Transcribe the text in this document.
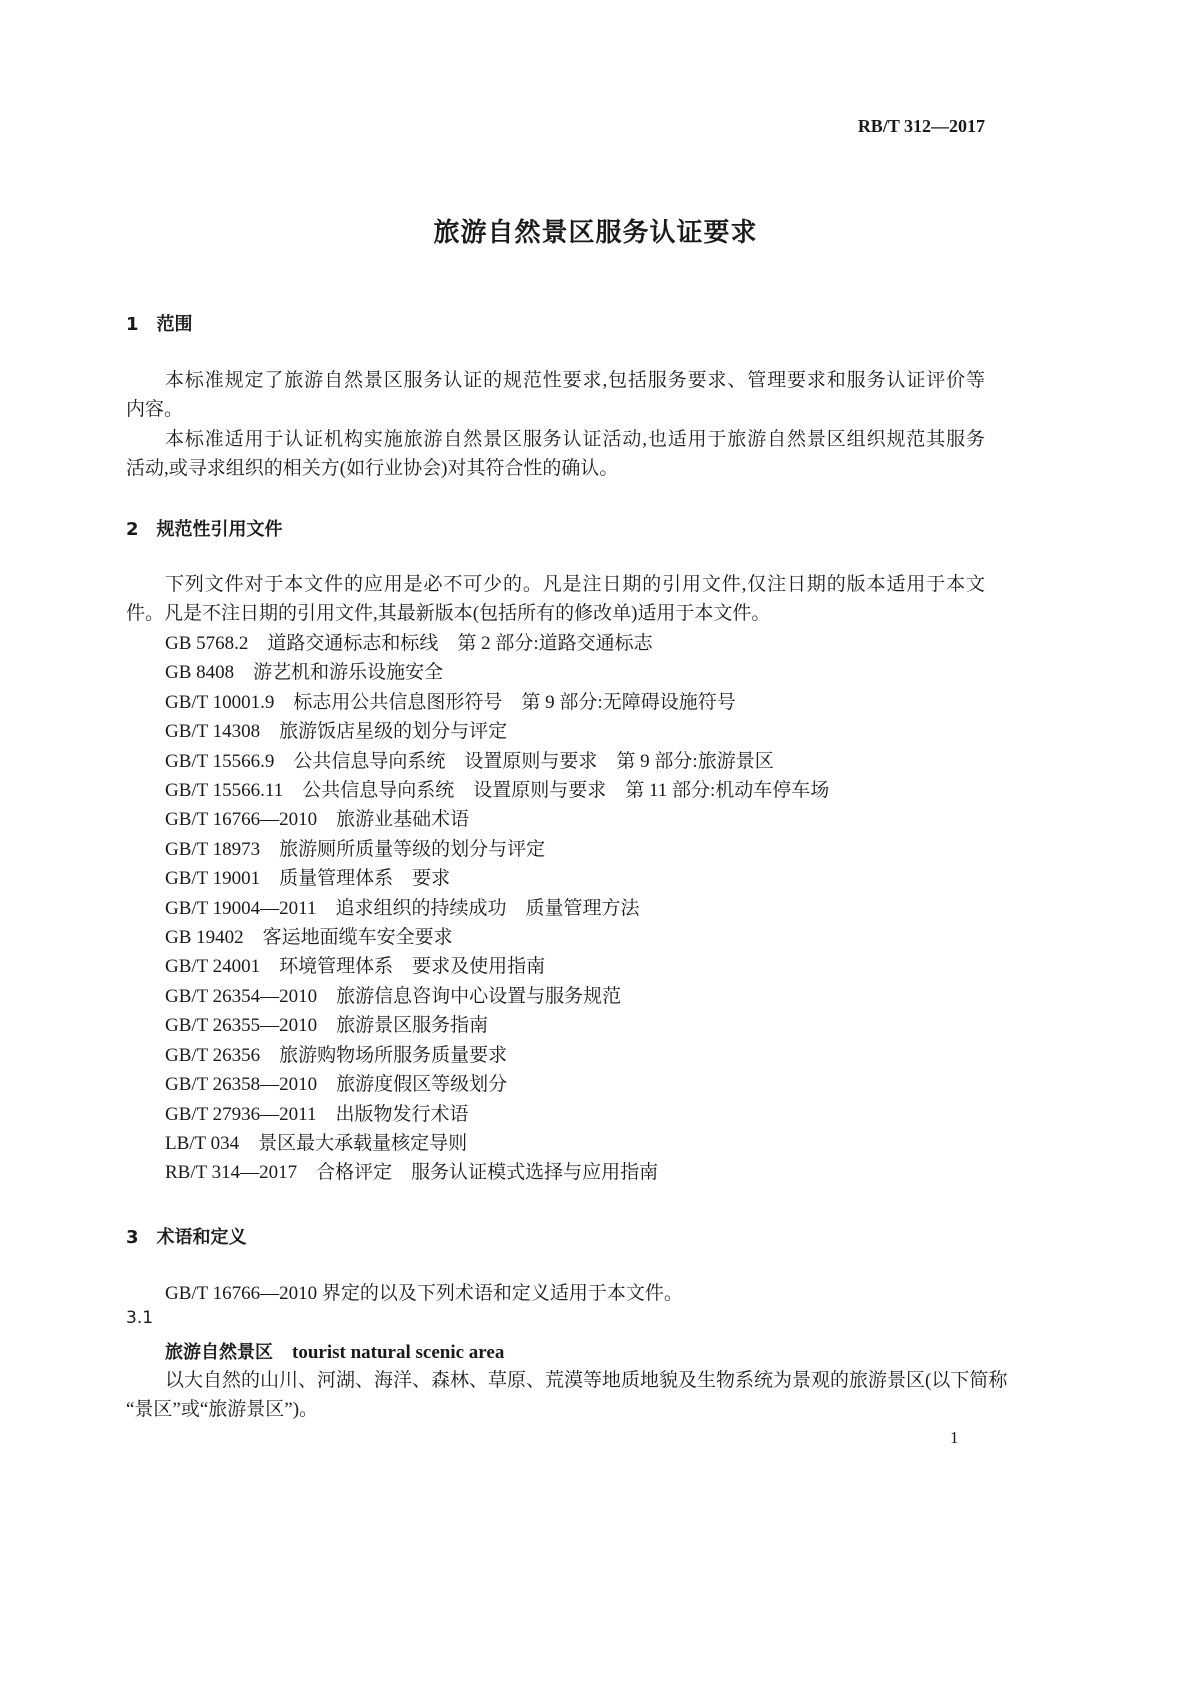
RB/T 312—2017
旅游自然景区服务认证要求
1　范围
本标准规定了旅游自然景区服务认证的规范性要求,包括服务要求、管理要求和服务认证评价等
内容。
本标准适用于认证机构实施旅游自然景区服务认证活动,也适用于旅游自然景区组织规范其服务
活动,或寻求组织的相关方(如行业协会)对其符合性的确认。
2　规范性引用文件
下列文件对于本文件的应用是必不可少的。凡是注日期的引用文件,仅注日期的版本适用于本文
件。凡是不注日期的引用文件,其最新版本(包括所有的修改单)适用于本文件。
GB 5768.2　道路交通标志和标线　第 2 部分:道路交通标志
GB 8408　游艺机和游乐设施安全
GB/T 10001.9　标志用公共信息图形符号　第 9 部分:无障碍设施符号
GB/T 14308　旅游饭店星级的划分与评定
GB/T 15566.9　公共信息导向系统　设置原则与要求　第 9 部分:旅游景区
GB/T 15566.11　公共信息导向系统　设置原则与要求　第 11 部分:机动车停车场
GB/T 16766—2010　旅游业基础术语
GB/T 18973　旅游厕所质量等级的划分与评定
GB/T 19001　质量管理体系　要求
GB/T 19004—2011　追求组织的持续成功　质量管理方法
GB 19402　客运地面缆车安全要求
GB/T 24001　环境管理体系　要求及使用指南
GB/T 26354—2010　旅游信息咨询中心设置与服务规范
GB/T 26355—2010　旅游景区服务指南
GB/T 26356　旅游购物场所服务质量要求
GB/T 26358—2010　旅游度假区等级划分
GB/T 27936—2011　出版物发行术语
LB/T 034　景区最大承载量核定导则
RB/T 314—2017　合格评定　服务认证模式选择与应用指南
3　术语和定义
GB/T 16766—2010 界定的以及下列术语和定义适用于本文件。
3.1
旅游自然景区　 tourist natural scenic area
以大自然的山川、河湖、海洋、森林、草原、荒漠等地质地貌及生物系统为景观的旅游景区(以下简称
“景区”或“旅游景区”)。
1
